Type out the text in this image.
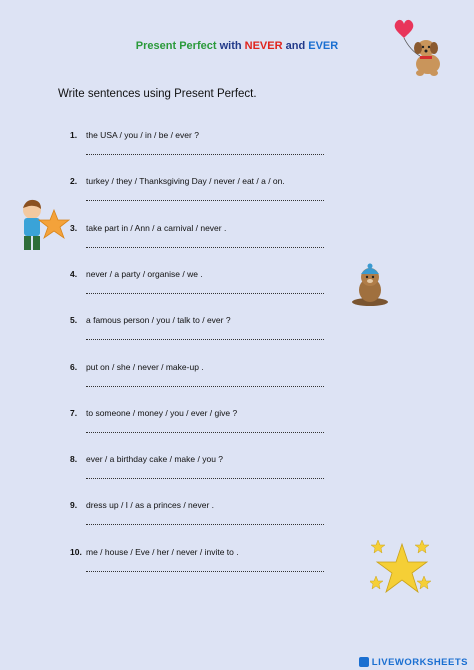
Present Perfect with NEVER and EVER
Write sentences using Present Perfect.
1. the USA / you / in / be / ever ?
2. turkey / they / Thanksgiving Day / never / eat / a / on.
3. take part in / Ann / a carnival / never .
4. never / a party / organise / we .
5. a famous person / you / talk to / ever ?
6. put on / she / never / make-up .
7. to someone / money / you / ever / give ?
8. ever / a birthday cake / make / you ?
9. dress up / I / as a princes / never .
10. me / house / Eve / her / never / invite to .
LIVEWORKSHEETS
